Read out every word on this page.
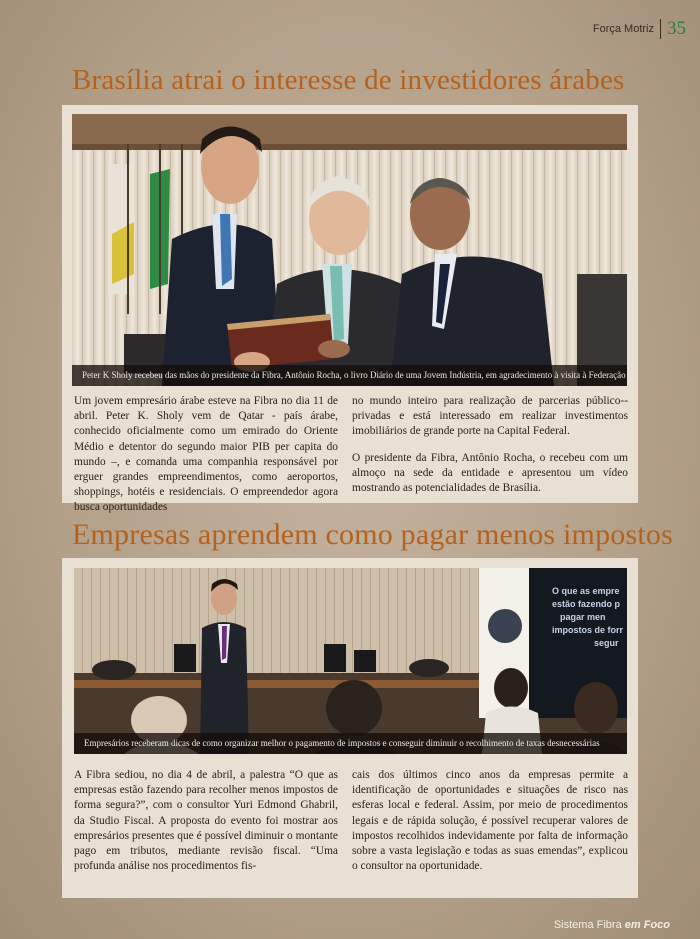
Força Motriz 35
Brasília atrai o interesse de investidores árabes
Peter K Sholy recebeu das mãos do presidente da Fibra, Antônio Rocha, o livro Diário de uma Jovem Indústria, em agradecimento à visita à Federação

Um jovem empresário árabe esteve na Fibra no dia 11 de abril. Peter K. Sholy vem de Qatar - país árabe, conhecido oficialmente como um emirado do Oriente Médio e detentor do segundo maior PIB per capita do mundo –, e comanda uma companhia responsável por erguer grandes empreendimentos, como aeroportos, shoppings, hotéis e residenciais. O empreendedor agora busca oportunidades

no mundo inteiro para realização de parcerias público--privadas e está interessado em realizar investimentos imobiliários de grande porte na Capital Federal.

O presidente da Fibra, Antônio Rocha, o recebeu com um almoço na sede da entidade e apresentou um vídeo mostrando as potencialidades de Brasília.

Empresas aprendem como pagar menos impostos
O que as empre
estão fazendo p
pagar men
impostos de forr
segur
Empresários receberam dicas de como organizar melhor o pagamento de impostos e conseguir diminuir o recolhimento de taxas desnecessárias

A Fibra sediou, no dia 4 de abril, a palestra “O que as empresas estão fazendo para recolher menos impostos de forma segura?”, com o consultor Yuri Edmond Ghabril, da Studio Fiscal. A proposta do evento foi mostrar aos empresários presentes que é possível diminuir o montante pago em tributos, mediante revisão fiscal. “Uma profunda análise nos procedimentos fis-

cais dos últimos cinco anos da empresas permite a identificação de oportunidades e situações de risco nas esferas local e federal. Assim, por meio de procedimentos legais e de rápida solução, é possível recuperar valores de impostos recolhidos indevidamente por falta de informação sobre a vasta legislação e todas as suas emendas”, explicou o consultor na oportunidade.

Sistema Fibra em Foco
